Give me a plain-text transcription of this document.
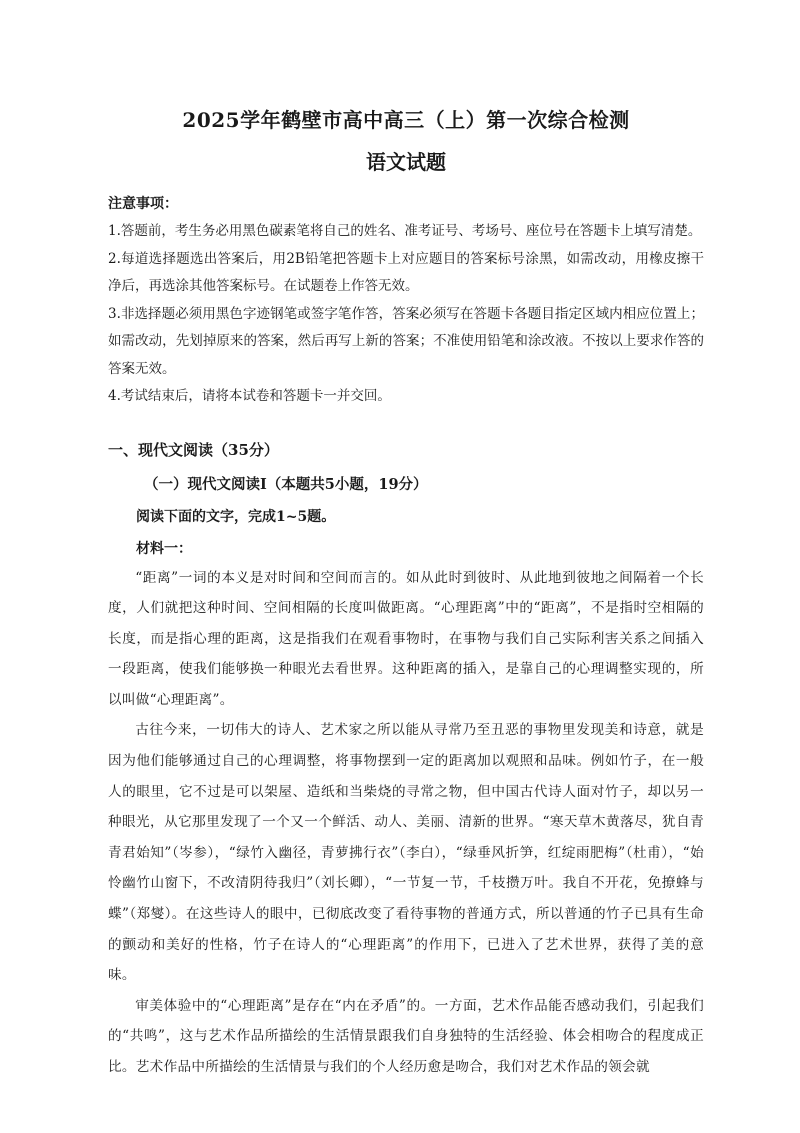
2025学年鹤壁市高中高三（上）第一次综合检测
语文试题
注意事项：

1.答题前，考生务必用黑色碳素笔将自己的姓名、准考证号、考场号、座位号在答题卡上填写清楚。

2.每道选择题选出答案后，用2B铅笔把答题卡上对应题目的答案标号涂黑，如需改动，用橡皮擦干净后，再选涂其他答案标号。在试题卷上作答无效。

3.非选择题必须用黑色字迹钢笔或签字笔作答，答案必须写在答题卡各题目指定区域内相应位置上；如需改动，先划掉原来的答案，然后再写上新的答案；不准使用铅笔和涂改液。不按以上要求作答的答案无效。

4.考试结束后，请将本试卷和答题卡一并交回。

一、现代文阅读（35分）
（一）现代文阅读Ⅰ（本题共5小题，19分）
阅读下面的文字，完成1~5题。
材料一：

“距离”一词的本义是对时间和空间而言的。如从此时到彼时、从此地到彼地之间隔着一个长度，人们就把这种时间、空间相隔的长度叫做距离。“心理距离”中的“距离”，不是指时空相隔的长度，而是指心理的距离，这是指我们在观看事物时，在事物与我们自己实际利害关系之间插入一段距离，使我们能够换一种眼光去看世界。这种距离的插入，是靠自己的心理调整实现的，所以叫做“心理距离”。

古往今来，一切伟大的诗人、艺术家之所以能从寻常乃至丑恶的事物里发现美和诗意，就是因为他们能够通过自己的心理调整，将事物摆到一定的距离加以观照和品味。例如竹子，在一般人的眼里，它不过是可以架屋、造纸和当柴烧的寻常之物，但中国古代诗人面对竹子，却以另一种眼光，从它那里发现了一个又一个鲜活、动人、美丽、清新的世界。“寒天草木黄落尽，犹自青青君始知”（岑参），“绿竹入幽径，青萝拂行衣”（李白），“绿垂风折笋，红绽雨肥梅”（杜甫），“始怜幽竹山窗下，不改清阴待我归”（刘长卿），“一节复一节，千枝攒万叶。我自不开花，免撩蜂与蝶”（郑燮）。在这些诗人的眼中，已彻底改变了看待事物的普通方式，所以普通的竹子已具有生命的颤动和美好的性格，竹子在诗人的“心理距离”的作用下，已进入了艺术世界，获得了美的意味。

审美体验中的“心理距离”是存在“内在矛盾”的。一方面，艺术作品能否感动我们，引起我们的“共鸣”，这与艺术作品所描绘的生活情景跟我们自身独特的生活经验、体会相吻合的程度成正比。艺术作品中所描绘的生活情景与我们的个人经历愈是吻合，我们对艺术作品的领会就
